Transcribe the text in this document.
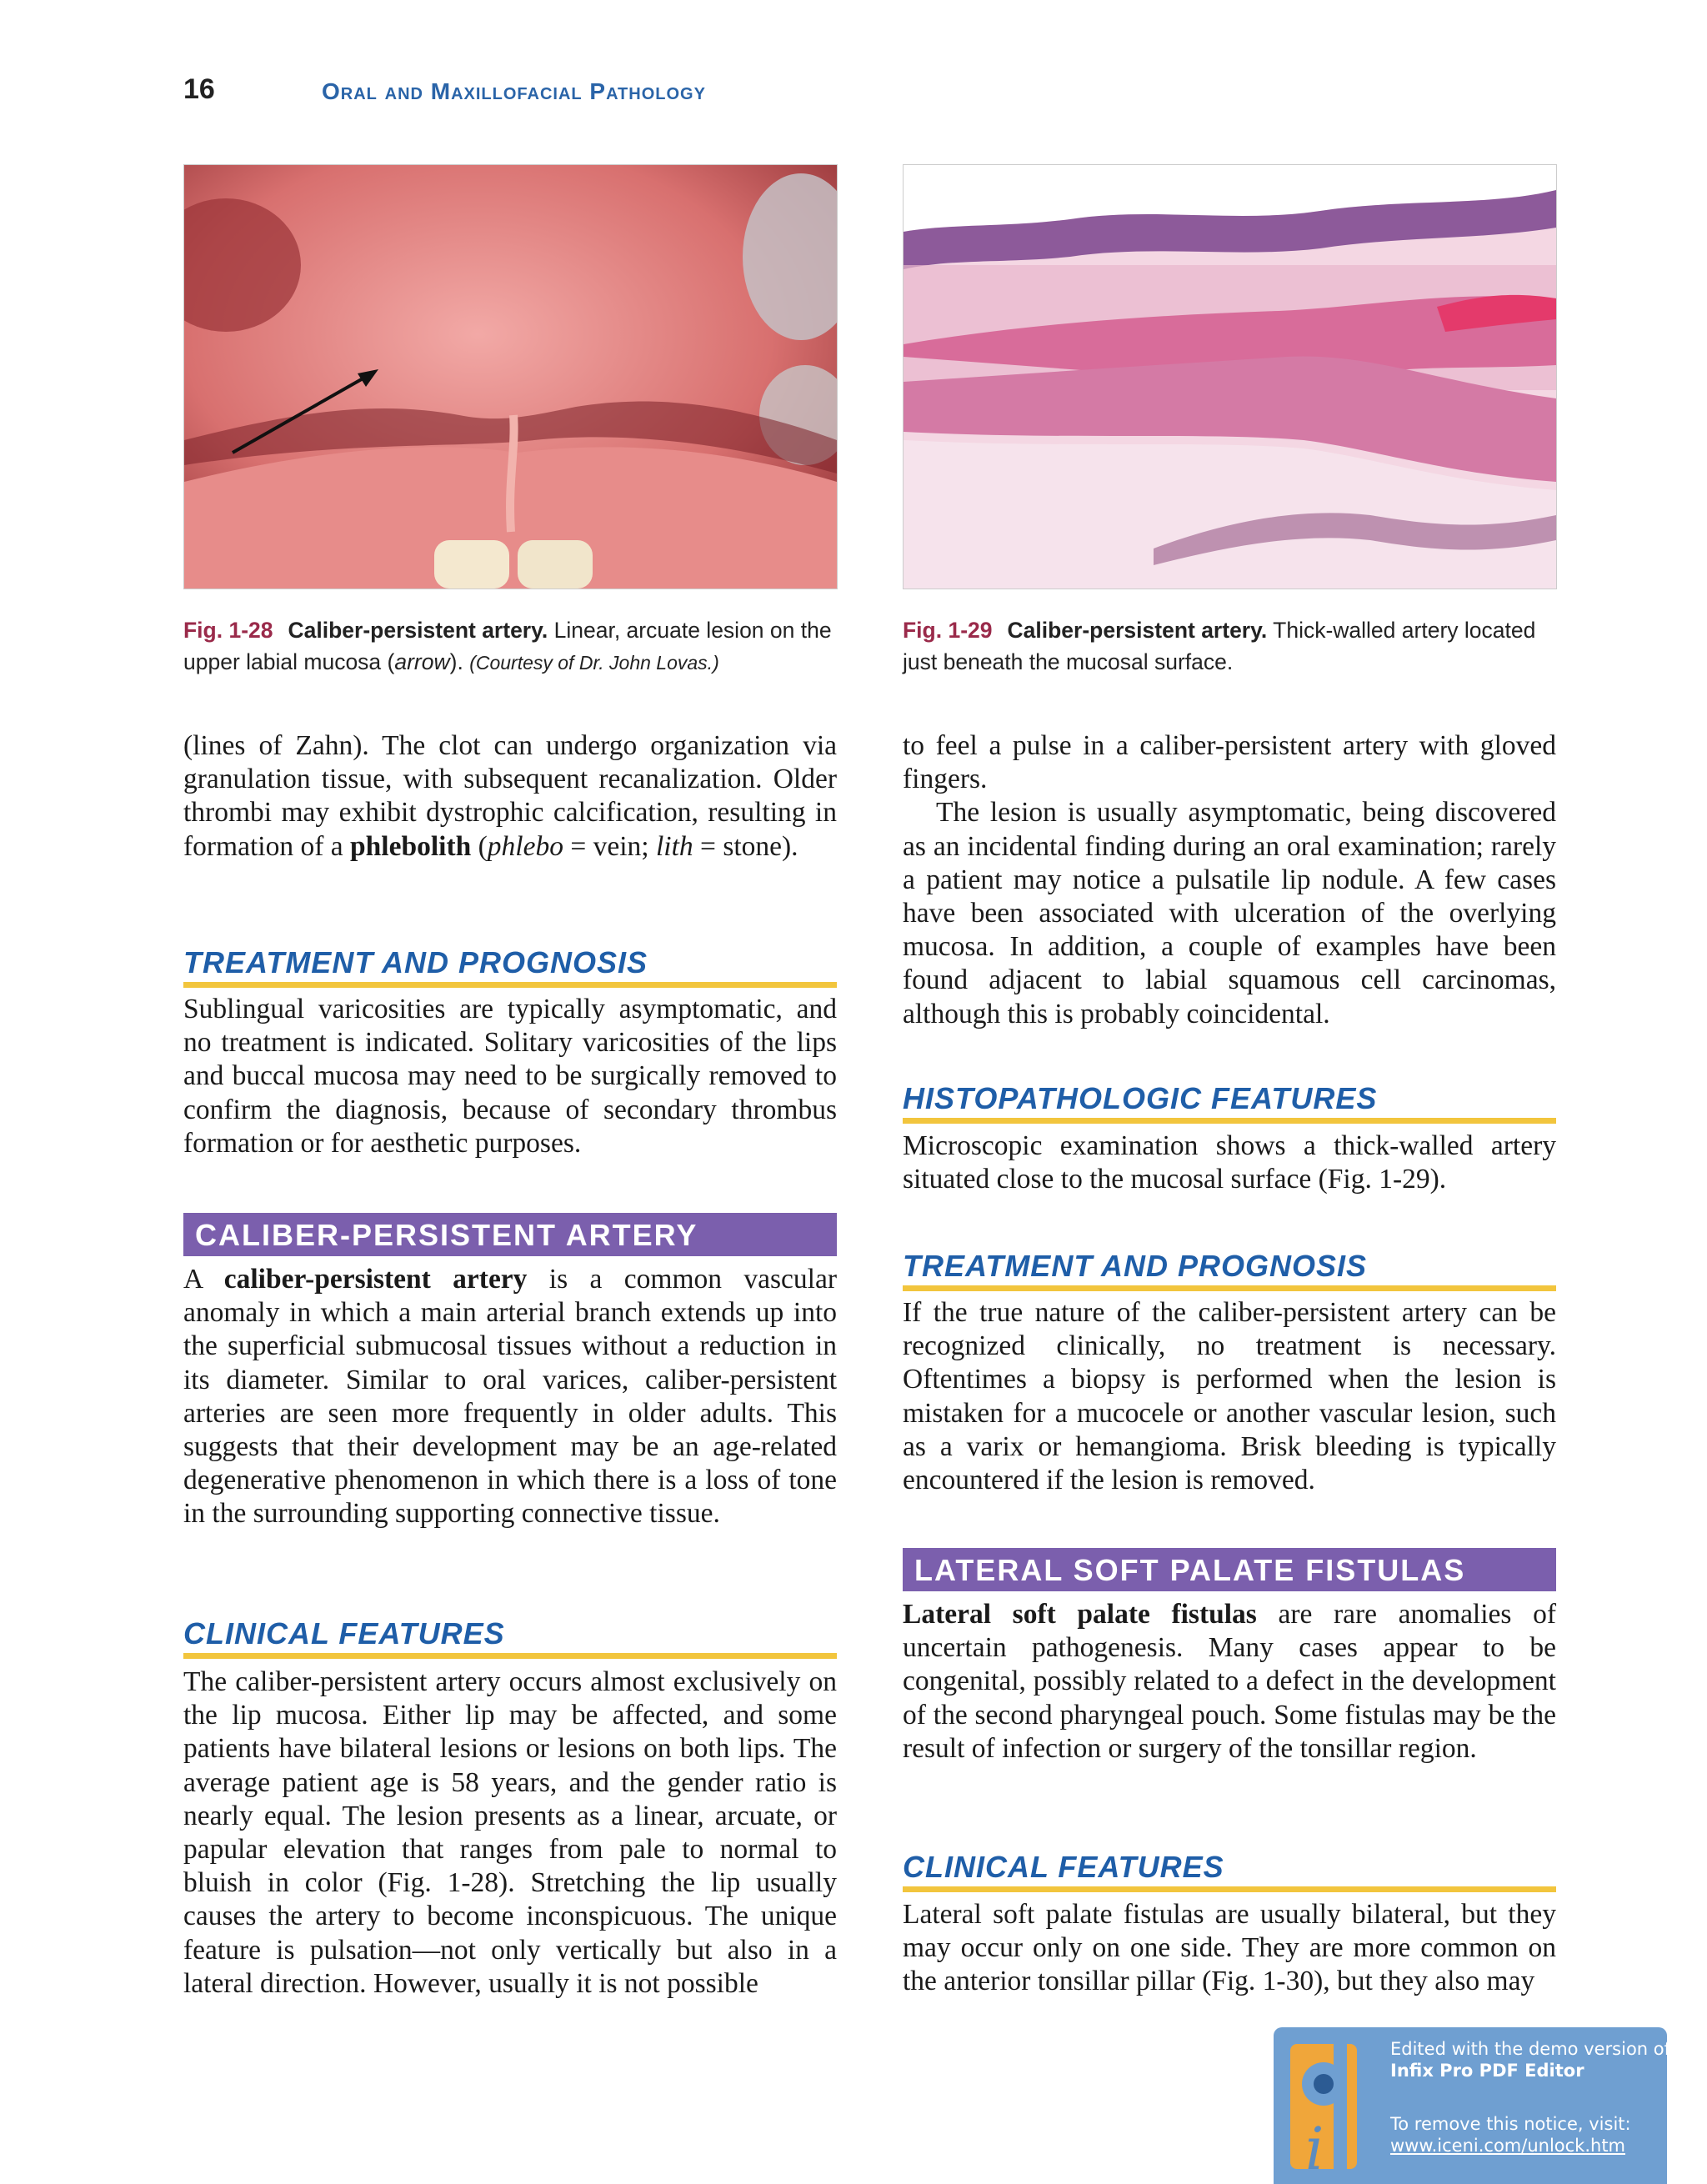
16	Oral and Maxillofacial Pathology
Fig. 1-28 Caliber-persistent artery. Linear, arcuate lesion on the upper labial mucosa (arrow). (Courtesy of Dr. John Lovas.)
Fig. 1-29 Caliber-persistent artery. Thick-walled artery located just beneath the mucosal surface.

(lines of Zahn). The clot can undergo organization via granulation tissue, with subsequent recanalization. Older thrombi may exhibit dystrophic calcification, resulting in formation of a phlebolith (phlebo = vein; lith = stone).

TREATMENT AND PROGNOSIS

Sublingual varicosities are typically asymptomatic, and no treatment is indicated. Solitary varicosities of the lips and buccal mucosa may need to be surgically removed to confirm the diagnosis, because of secondary thrombus formation or for aesthetic purposes.

CALIBER-PERSISTENT ARTERY

A caliber-persistent artery is a common vascular anomaly in which a main arterial branch extends up into the superficial submucosal tissues without a reduction in its diameter. Similar to oral varices, caliber-persistent arteries are seen more frequently in older adults. This suggests that their development may be an age-related degenerative phenomenon in which there is a loss of tone in the surrounding supporting connective tissue.

CLINICAL FEATURES

The caliber-persistent artery occurs almost exclusively on the lip mucosa. Either lip may be affected, and some patients have bilateral lesions or lesions on both lips. The average patient age is 58 years, and the gender ratio is nearly equal. The lesion presents as a linear, arcuate, or papular elevation that ranges from pale to normal to bluish in color (Fig. 1-28). Stretching the lip usually causes the artery to become inconspicuous. The unique feature is pulsation—not only vertically but also in a lateral direction. However, usually it is not possible

to feel a pulse in a caliber-persistent artery with gloved fingers.

The lesion is usually asymptomatic, being discovered as an incidental finding during an oral examination; rarely a patient may notice a pulsatile lip nodule. A few cases have been associated with ulceration of the overlying mucosa. In addition, a couple of examples have been found adjacent to labial squamous cell carcinomas, although this is probably coincidental.

HISTOPATHOLOGIC FEATURES

Microscopic examination shows a thick-walled artery situated close to the mucosal surface (Fig. 1-29).

TREATMENT AND PROGNOSIS

If the true nature of the caliber-persistent artery can be recognized clinically, no treatment is necessary. Oftentimes a biopsy is performed when the lesion is mistaken for a mucocele or another vascular lesion, such as a varix or hemangioma. Brisk bleeding is typically encountered if the lesion is removed.

LATERAL SOFT PALATE FISTULAS

Lateral soft palate fistulas are rare anomalies of uncertain pathogenesis. Many cases appear to be congenital, possibly related to a defect in the development of the second pharyngeal pouch. Some fistulas may be the result of infection or surgery of the tonsillar region.

CLINICAL FEATURES

Lateral soft palate fistulas are usually bilateral, but they may occur only on one side. They are more common on the anterior tonsillar pillar (Fig. 1-30), but they also may

i
Edited with the demo version of
Infix Pro PDF Editor
To remove this notice, visit:
www.iceni.com/unlock.htm
